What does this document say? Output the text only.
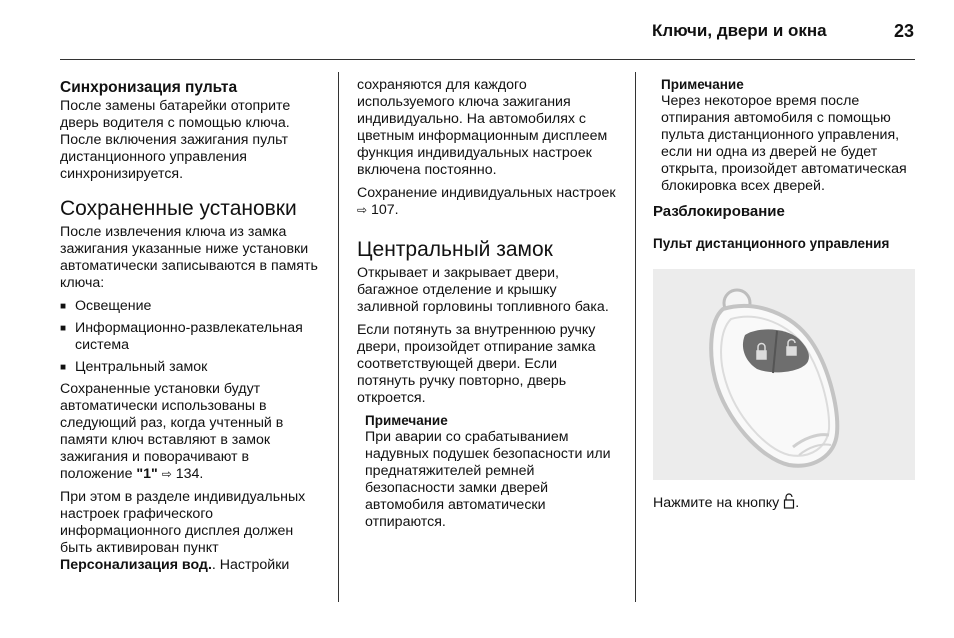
Ключи, двери и окна	23
Синхронизация пульта

После замены батарейки отоприте дверь водителя с помощью ключа. После включения зажигания пульт дистанционного управления синхронизируется.

Сохраненные установки

После извлечения ключа из замка зажигания указанные ниже установки автоматически записываются в память ключа:

■ Освещение
■ Информационно-развлекательная система
■ Центральный замок

Сохраненные установки будут автоматически использованы в следующий раз, когда учтенный в памяти ключ вставляют в замок зажигания и поворачивают в положение "1" ⇨ 134.

При этом в разделе индивидуальных настроек графического информационного дисплея должен быть активирован пункт
Персонализация вод.. Настройки

сохраняются для каждого используемого ключа зажигания индивидуально. На автомобилях с цветным информационным дисплеем функция индивидуальных настроек включена постоянно.

Сохранение индивидуальных настроек ⇨ 107.

Центральный замок

Открывает и закрывает двери, багажное отделение и крышку заливной горловины топливного бака.

Если потянуть за внутреннюю ручку двери, произойдет отпирание замка соответствующей двери. Если потянуть ручку повторно, дверь откроется.

Примечание
При аварии со срабатыванием надувных подушек безопасности или преднатяжителей ремней безопасности замки дверей автомобиля автоматически отпираются.
Примечание
Через некоторое время после отпирания автомобиля с помощью пульта дистанционного управления, если ни одна из дверей не будет открыта, произойдет автоматическая блокировка всех дверей.
Разблокирование
Пульт дистанционного управления
Нажмите на кнопку .
